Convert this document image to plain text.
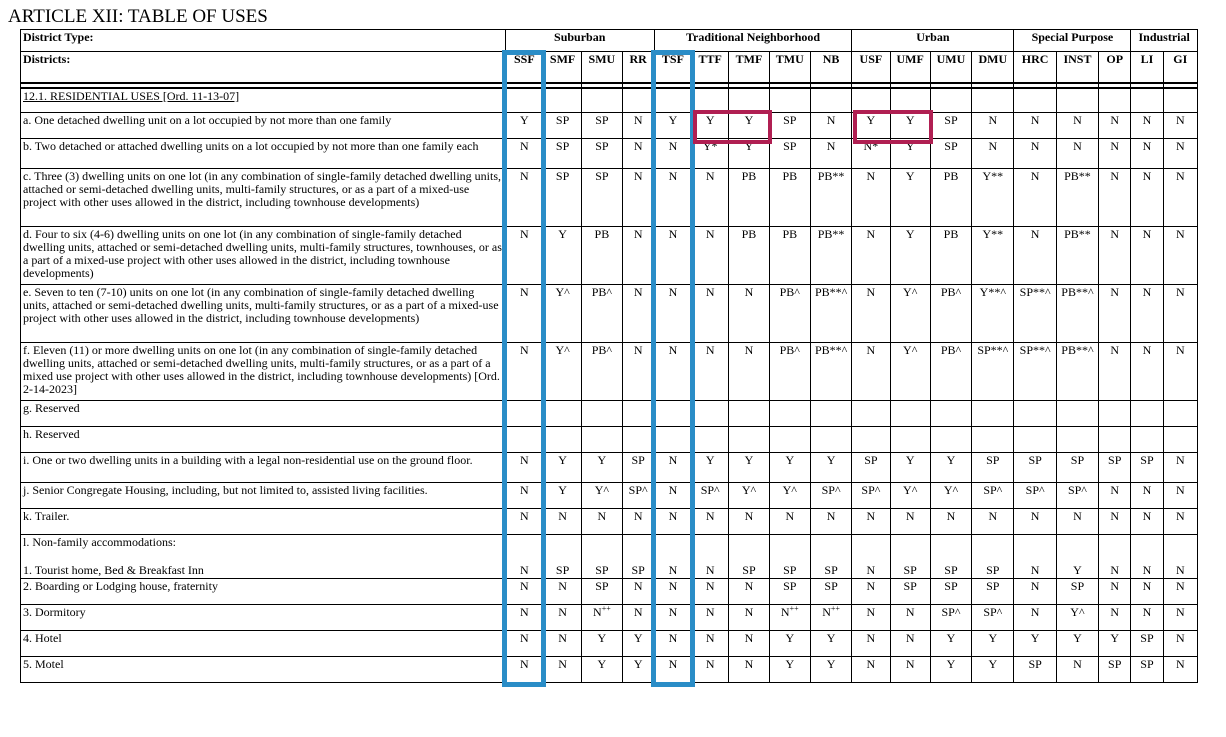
ARTICLE XII: TABLE OF USES
District Type:	Suburban				Traditional Neighborhood					Urban				Special Purpose			Industrial	
Districts:	SSF	SMF	SMU	RR	TSF	TTF	TMF	TMU	NB	USF	UMF	UMU	DMU	HRC	INST	OP	LI	GI

12.1. RESIDENTIAL USES [Ord. 11-13-07]																		
a. One detached dwelling unit on a lot occupied by not more than one family	Y	SP	SP	N	Y	Y	Y	SP	N	Y	Y	SP	N	N	N	N	N	N
b. Two detached or attached dwelling units on a lot occupied by not more than one family each	N	SP	SP	N	N	Y*	Y	SP	N	N*	Y	SP	N	N	N	N	N	N
c. Three (3) dwelling units on one lot (in any combination of single-family detached dwelling units, attached or semi-detached dwelling units, multi-family structures, or as a part of a mixed-use project with other uses allowed in the district, including townhouse developments)	N	SP	SP	N	N	N	PB	PB	PB**	N	Y	PB	Y**	N	PB**	N	N	N
d. Four to six (4-6) dwelling units on one lot (in any combination of single-family detached dwelling units, attached or semi-detached dwelling units, multi-family structures, townhouses, or as a part of a mixed-use project with other uses allowed in the district, including townhouse developments)	N	Y	PB	N	N	N	PB	PB	PB**	N	Y	PB	Y**	N	PB**	N	N	N
e. Seven to ten (7-10) units on one lot (in any combination of single-family detached dwelling units, attached or semi-detached dwelling units, multi-family structures, or as a part of a mixed-use project with other uses allowed in the district, including townhouse developments)	N	Y^	PB^	N	N	N	N	PB^	PB**^	N	Y^	PB^	Y**^	SP**^	PB**^	N	N	N
f. Eleven (11) or more dwelling units on one lot (in any combination of single-family detached dwelling units, attached or semi-detached dwelling units, multi-family structures, or as a part of a mixed use project with other uses allowed in the district, including townhouse developments) [Ord. 2-14-2023]	N	Y^	PB^	N	N	N	N	PB^	PB**^	N	Y^	PB^	SP**^	SP**^	PB**^	N	N	N
g. Reserved																		
h. Reserved																		
i. One or two dwelling units in a building with a legal non-residential use on the ground floor.	N	Y	Y	SP	N	Y	Y	Y	Y	SP	Y	Y	SP	SP	SP	SP	SP	N
j. Senior Congregate Housing, including, but not limited to, assisted living facilities.	N	Y	Y^	SP^	N	SP^	Y^	Y^	SP^	SP^	Y^	Y^	SP^	SP^	SP^	N	N	N
k. Trailer.	N	N	N	N	N	N	N	N	N	N	N	N	N	N	N	N	N	N
l. Non-family accommodations:																		
1. Tourist home, Bed & Breakfast Inn	N	SP	SP	SP	N	N	SP	SP	SP	N	SP	SP	SP	N	Y	N	N	N
2. Boarding or Lodging house, fraternity	N	N	SP	N	N	N	N	SP	SP	N	SP	SP	SP	N	SP	N	N	N
3. Dormitory	N	N	N++	N	N	N	N	N++	N++	N	N	SP^	SP^	N	Y^	N	N	N
4. Hotel	N	N	Y	Y	N	N	N	Y	Y	N	N	Y	Y	Y	Y	Y	SP	N
5. Motel	N	N	Y	Y	N	N	N	Y	Y	N	N	Y	Y	SP	N	SP	SP	N
